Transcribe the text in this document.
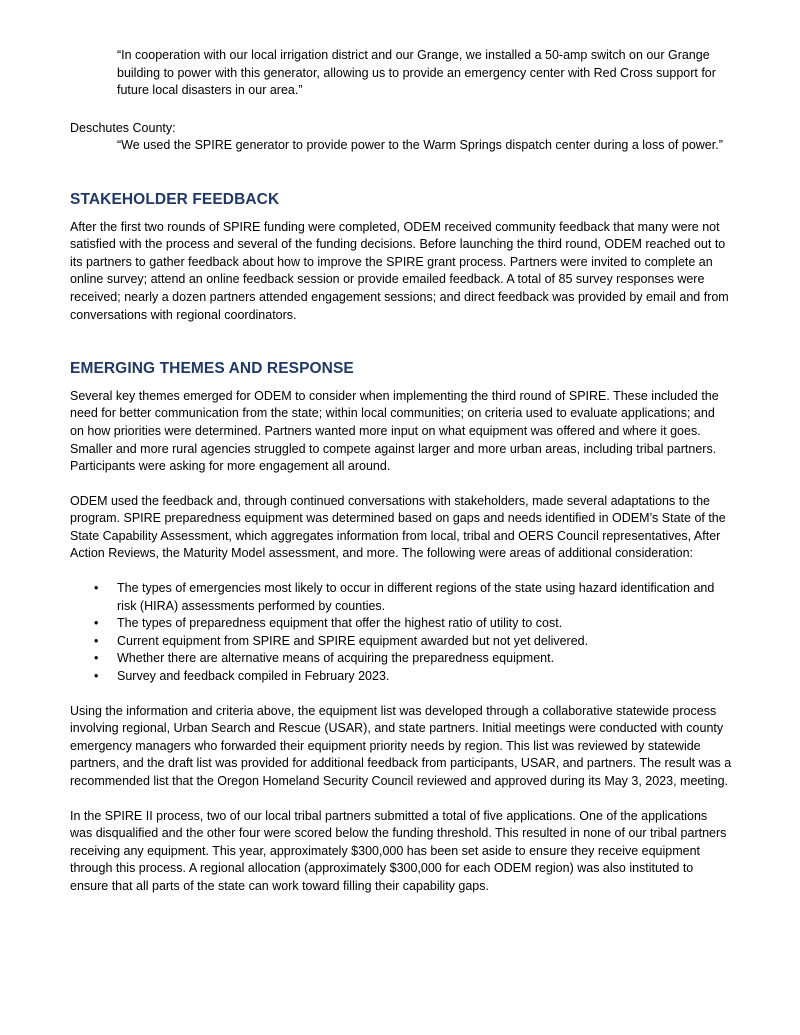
“In cooperation with our local irrigation district and our Grange, we installed a 50-amp switch on our Grange building to power with this generator, allowing us to provide an emergency center with Red Cross support for future local disasters in our area.”

Deschutes County:

“We used the SPIRE generator to provide power to the Warm Springs dispatch center during a loss of power.”

STAKEHOLDER FEEDBACK

After the first two rounds of SPIRE funding were completed, ODEM received community feedback that many were not satisfied with the process and several of the funding decisions. Before launching the third round, ODEM reached out to its partners to gather feedback about how to improve the SPIRE grant process. Partners were invited to complete an online survey; attend an online feedback session or provide emailed feedback. A total of 85 survey responses were received; nearly a dozen partners attended engagement sessions; and direct feedback was provided by email and from conversations with regional coordinators.

EMERGING THEMES AND RESPONSE

Several key themes emerged for ODEM to consider when implementing the third round of SPIRE. These included the need for better communication from the state; within local communities; on criteria used to evaluate applications; and on how priorities were determined. Partners wanted more input on what equipment was offered and where it goes. Smaller and more rural agencies struggled to compete against larger and more urban areas, including tribal partners. Participants were asking for more engagement all around.

ODEM used the feedback and, through continued conversations with stakeholders, made several adaptations to the program. SPIRE preparedness equipment was determined based on gaps and needs identified in ODEM’s State of the State Capability Assessment, which aggregates information from local, tribal and OERS Council representatives, After Action Reviews, the Maturity Model assessment, and more. The following were areas of additional consideration:

• The types of emergencies most likely to occur in different regions of the state using hazard identification and risk (HIRA) assessments performed by counties.
• The types of preparedness equipment that offer the highest ratio of utility to cost.
• Current equipment from SPIRE and SPIRE equipment awarded but not yet delivered.
• Whether there are alternative means of acquiring the preparedness equipment.
• Survey and feedback compiled in February 2023.

Using the information and criteria above, the equipment list was developed through a collaborative statewide process involving regional, Urban Search and Rescue (USAR), and state partners. Initial meetings were conducted with county emergency managers who forwarded their equipment priority needs by region. This list was reviewed by statewide partners, and the draft list was provided for additional feedback from participants, USAR, and partners. The result was a recommended list that the Oregon Homeland Security Council reviewed and approved during its May 3, 2023, meeting.

In the SPIRE II process, two of our local tribal partners submitted a total of five applications. One of the applications was disqualified and the other four were scored below the funding threshold. This resulted in none of our tribal partners receiving any equipment. This year, approximately $300,000 has been set aside to ensure they receive equipment through this process. A regional allocation (approximately $300,000 for each ODEM region) was also instituted to ensure that all parts of the state can work toward filling their capability gaps.
